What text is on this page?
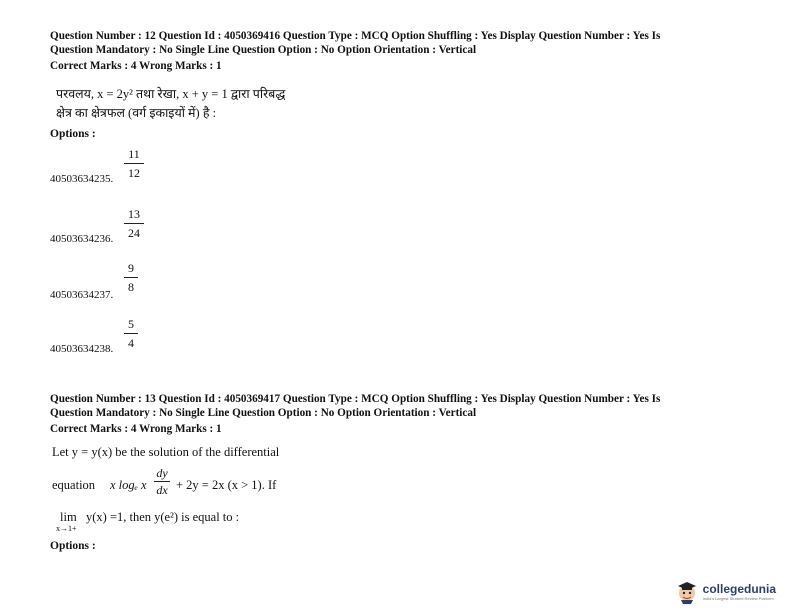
Question Number : 12 Question Id : 4050369416 Question Type : MCQ Option Shuffling : Yes Display Question Number : Yes Is
Question Mandatory : No Single Line Question Option : No Option Orientation : Vertical
Correct Marks : 4 Wrong Marks : 1
परवलय, x = 2y² तथा रेखा, x + y = 1 द्वारा परिबद्ध
क्षेत्र का क्षेत्रफल (वर्ग इकाइयों में) है :
Options :
11
12
40503634235.
13
24
40503634236.
9
8
40503634237.
5
4
40503634238.
Question Number : 13 Question Id : 4050369417 Question Type : MCQ Option Shuffling : Yes Display Question Number : Yes Is
Question Mandatory : No Single Line Question Option : No Option Orientation : Vertical
Correct Marks : 4 Wrong Marks : 1
Let y = y(x) be the solution of the differential
equation x logₑ x
dy
dx + 2y = 2x (x > 1). If
lim
x→1+
y(x) =1, then y(e²) is equal to :
Options :
collegedunia
India's Largest Student Review Platform
